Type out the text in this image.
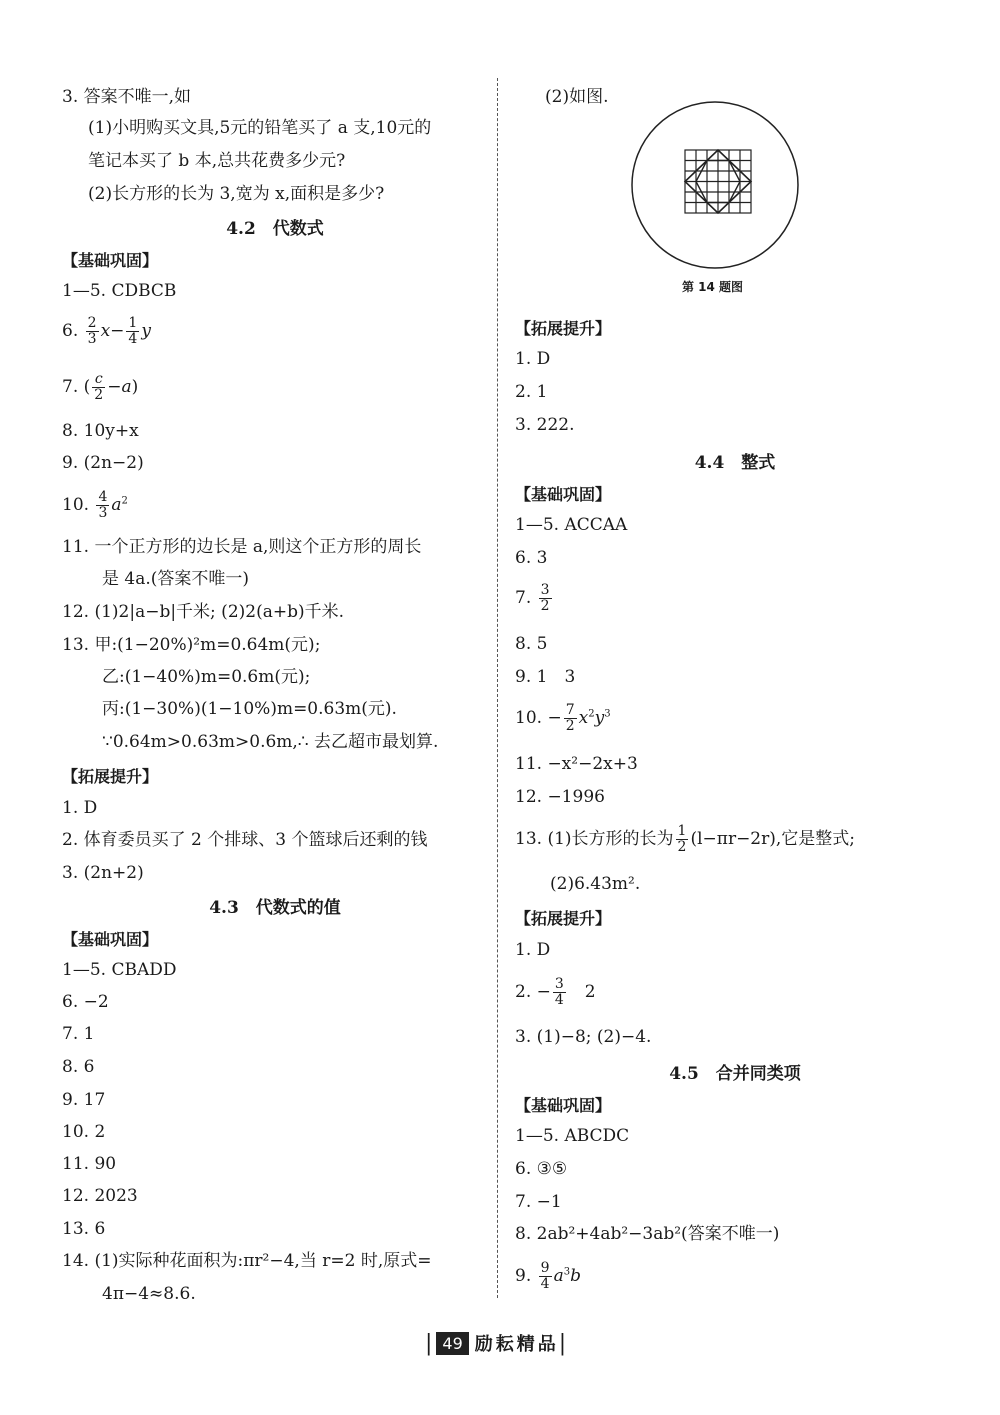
3. 答案不唯一,如
(1)小明购买文具,5元的铅笔买了 a 支,10元的
笔记本买了 b 本,总共花费多少元?
(2)长方形的长为 3,宽为 x,面积是多少?
4.2　代数式
【基础巩固】
1—5. CDBCB
6. $\frac{2}{3} x- \frac{1}{4}$ y
7. ( $\frac{c}{2} -a$)
8. 10y+x
9. (2n−2)
10. $\frac{4}{3} a^2$
11. 一个正方形的边长是 a,则这个正方形的周长
是 4a.(答案不唯一)
12. (1)2|a−b|千米; (2)2(a+b)千米.
13. 甲:(1−20%)²m=0.64m(元);
乙:(1−40%)m=0.6m(元);
丙:(1−30%)(1−10%)m=0.63m(元).
∵0.64m>0.63m>0.6m,∴ 去乙超市最划算.
【拓展提升】
1. D
2. 体育委员买了 2 个排球、3 个篮球后还剩的钱
3. (2n+2)
4.3　代数式的值
【基础巩固】
1—5. CBADD
6. −2
7. 1
8. 6
9. 17
10. 2
11. 90
12. 2023
13. 6
14. (1)实际种花面积为:πr²−4,当 r=2 时,原式=
4π−4≈8.6.
(2)如图.
第 14 题图
【拓展提升】
1. D
2. 1
3. 222.
4.4　整式
【基础巩固】
1—5. ACCAA
6. 3
7. $\frac{3}{2}$
8. 5
9. 1　3
10. − $\frac{7}{2} x^2y^3$
11. −x²−2x+3
12. −1996
13. (1)长方形的长为 $\frac{1}{2} (l-\pi r-2r)$,它是整式;
(2)6.43m².
【拓展提升】
1. D
2. − $\frac{3}{4}$ 　2
3. (1)−8; (2)−4.
4.5　合并同类项
【基础巩固】
1—5. ABCDC
6. ③⑤
7. −1
8. 2ab²+4ab²−3ab²(答案不唯一)
9. $\frac{9}{4} a^3b$
| 49 励耘精品 |
